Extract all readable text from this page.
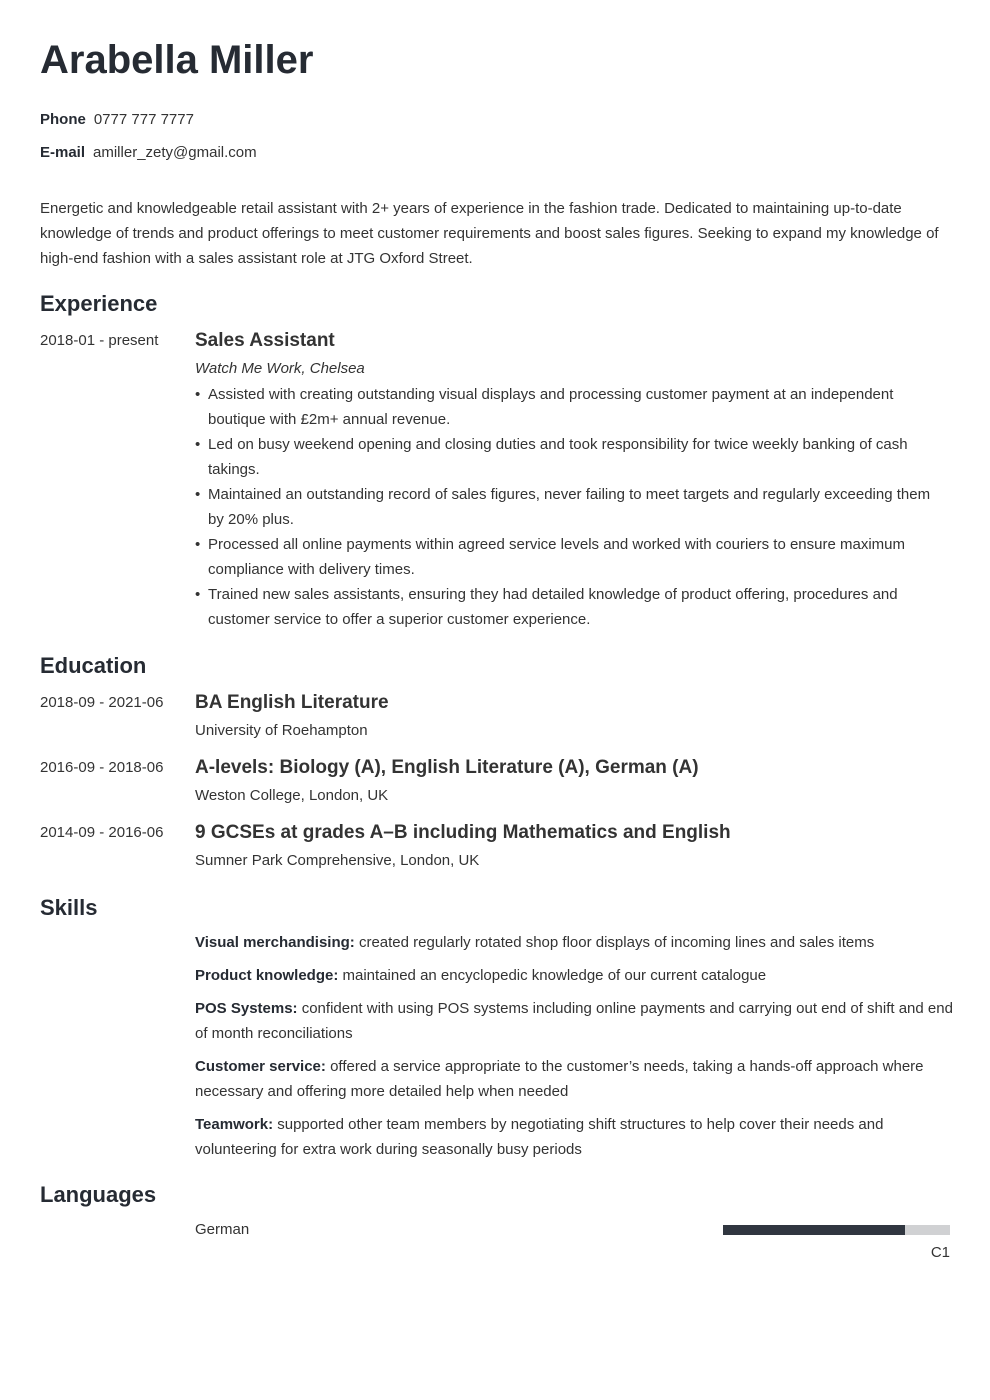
Arabella Miller
Phone 0777 777 7777
E-mail amiller_zety@gmail.com

Energetic and knowledgeable retail assistant with 2+ years of experience in the fashion trade. Dedicated to maintaining up-to-date knowledge of trends and product offerings to meet customer requirements and boost sales figures. Seeking to expand my knowledge of high-end fashion with a sales assistant role at JTG Oxford Street.

Experience
2018-01 - present Sales Assistant
Watch Me Work, Chelsea
• Assisted with creating outstanding visual displays and processing customer payment at an independent boutique with £2m+ annual revenue.
• Led on busy weekend opening and closing duties and took responsibility for twice weekly banking of cash takings.
• Maintained an outstanding record of sales figures, never failing to meet targets and regularly exceeding them by 20% plus.
• Processed all online payments within agreed service levels and worked with couriers to ensure maximum compliance with delivery times.
• Trained new sales assistants, ensuring they had detailed knowledge of product offering, procedures and customer service to offer a superior customer experience.
Education
2018-09 - 2021-06 BA English Literature
University of Roehampton
2016-09 - 2018-06 A-levels: Biology (A), English Literature (A), German (A)
Weston College, London, UK
2014-09 - 2016-06 9 GCSEs at grades A–B including Mathematics and English
Sumner Park Comprehensive, London, UK
Skills
Visual merchandising: created regularly rotated shop floor displays of incoming lines and sales items
Product knowledge: maintained an encyclopedic knowledge of our current catalogue
POS Systems: confident with using POS systems including online payments and carrying out end of shift and end of month reconciliations
Customer service: offered a service appropriate to the customer’s needs, taking a hands-off approach where necessary and offering more detailed help when needed
Teamwork: supported other team members by negotiating shift structures to help cover their needs and volunteering for extra work during seasonally busy periods
Languages
German
C1
